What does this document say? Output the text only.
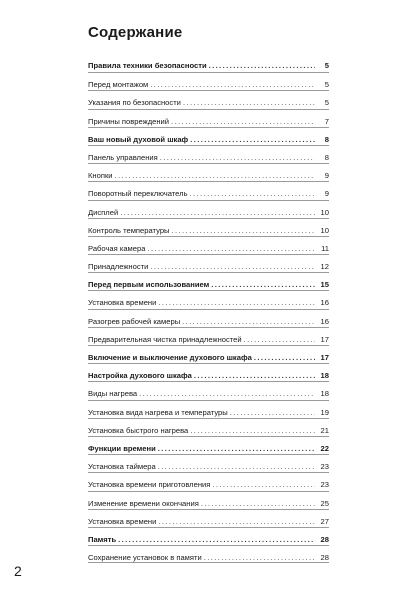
Содержание
Правила техники безопасности .....	5
Перед монтажом .....	5
Указания по безопасности .....	5
Причины повреждений .....	7
Ваш новый духовой шкаф .....	8
Панель управления .....	8
Кнопки .....	9
Поворотный переключатель .....	9
Дисплей .....	10
Контроль температуры .....	10
Рабочая камера .....	11
Принадлежности .....	12
Перед первым использованием .....	15
Установка времени .....	16
Разогрев рабочей камеры .....	16
Предварительная чистка принадлежностей .....	17
Включение и выключение духового шкафа .....	17
Настройка духового шкафа .....	18
Виды нагрева .....	18
Установка вида нагрева и температуры .....	19
Установка быстрого нагрева .....	21
Функции времени .....	22
Установка таймера .....	23
Установка времени приготовления .....	23
Изменение времени окончания .....	25
Установка времени .....	27
Память .....	28
Сохранение установок в памяти .....	28
2
